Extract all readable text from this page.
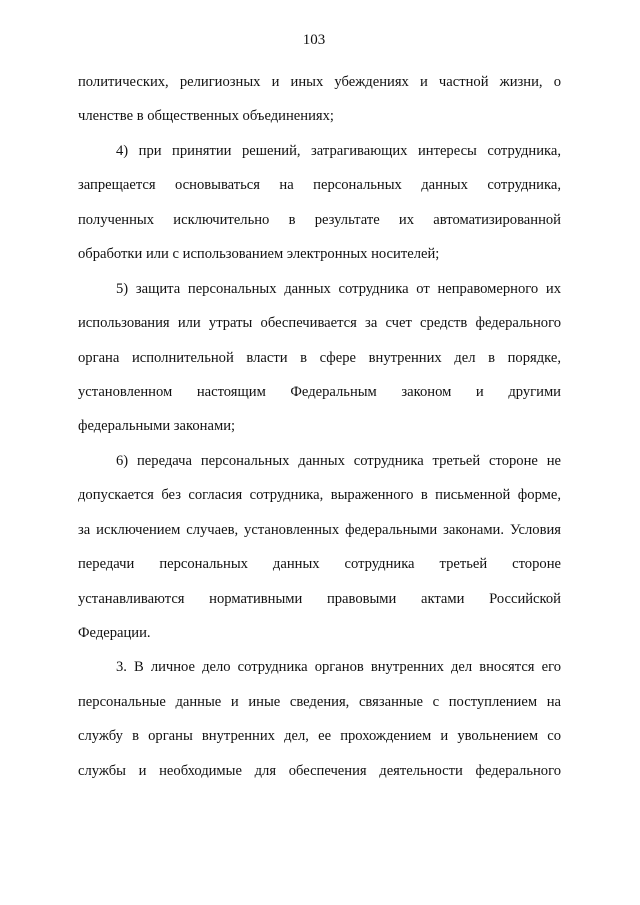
103
политических, религиозных и иных убеждениях и частной жизни, о
членстве в общественных объединениях;
4) при принятии решений, затрагивающих интересы сотрудника,
запрещается основываться на персональных данных сотрудника,
полученных исключительно в результате их автоматизированной
обработки или с использованием электронных носителей;
5) защита персональных данных сотрудника от неправомерного их
использования или утраты обеспечивается за счет средств федерального
органа исполнительной власти в сфере внутренних дел в порядке,
установленном настоящим Федеральным законом и другими
федеральными законами;
6) передача персональных данных сотрудника третьей стороне не
допускается без согласия сотрудника, выраженного в письменной форме,
за исключением случаев, установленных федеральными законами. Условия
передачи персональных данных сотрудника третьей стороне
устанавливаются нормативными правовыми актами Российской
Федерации.
3. В личное дело сотрудника органов внутренних дел вносятся его
персональные данные и иные сведения, связанные с поступлением на
службу в органы внутренних дел, ее прохождением и увольнением со
службы и необходимые для обеспечения деятельности федерального
